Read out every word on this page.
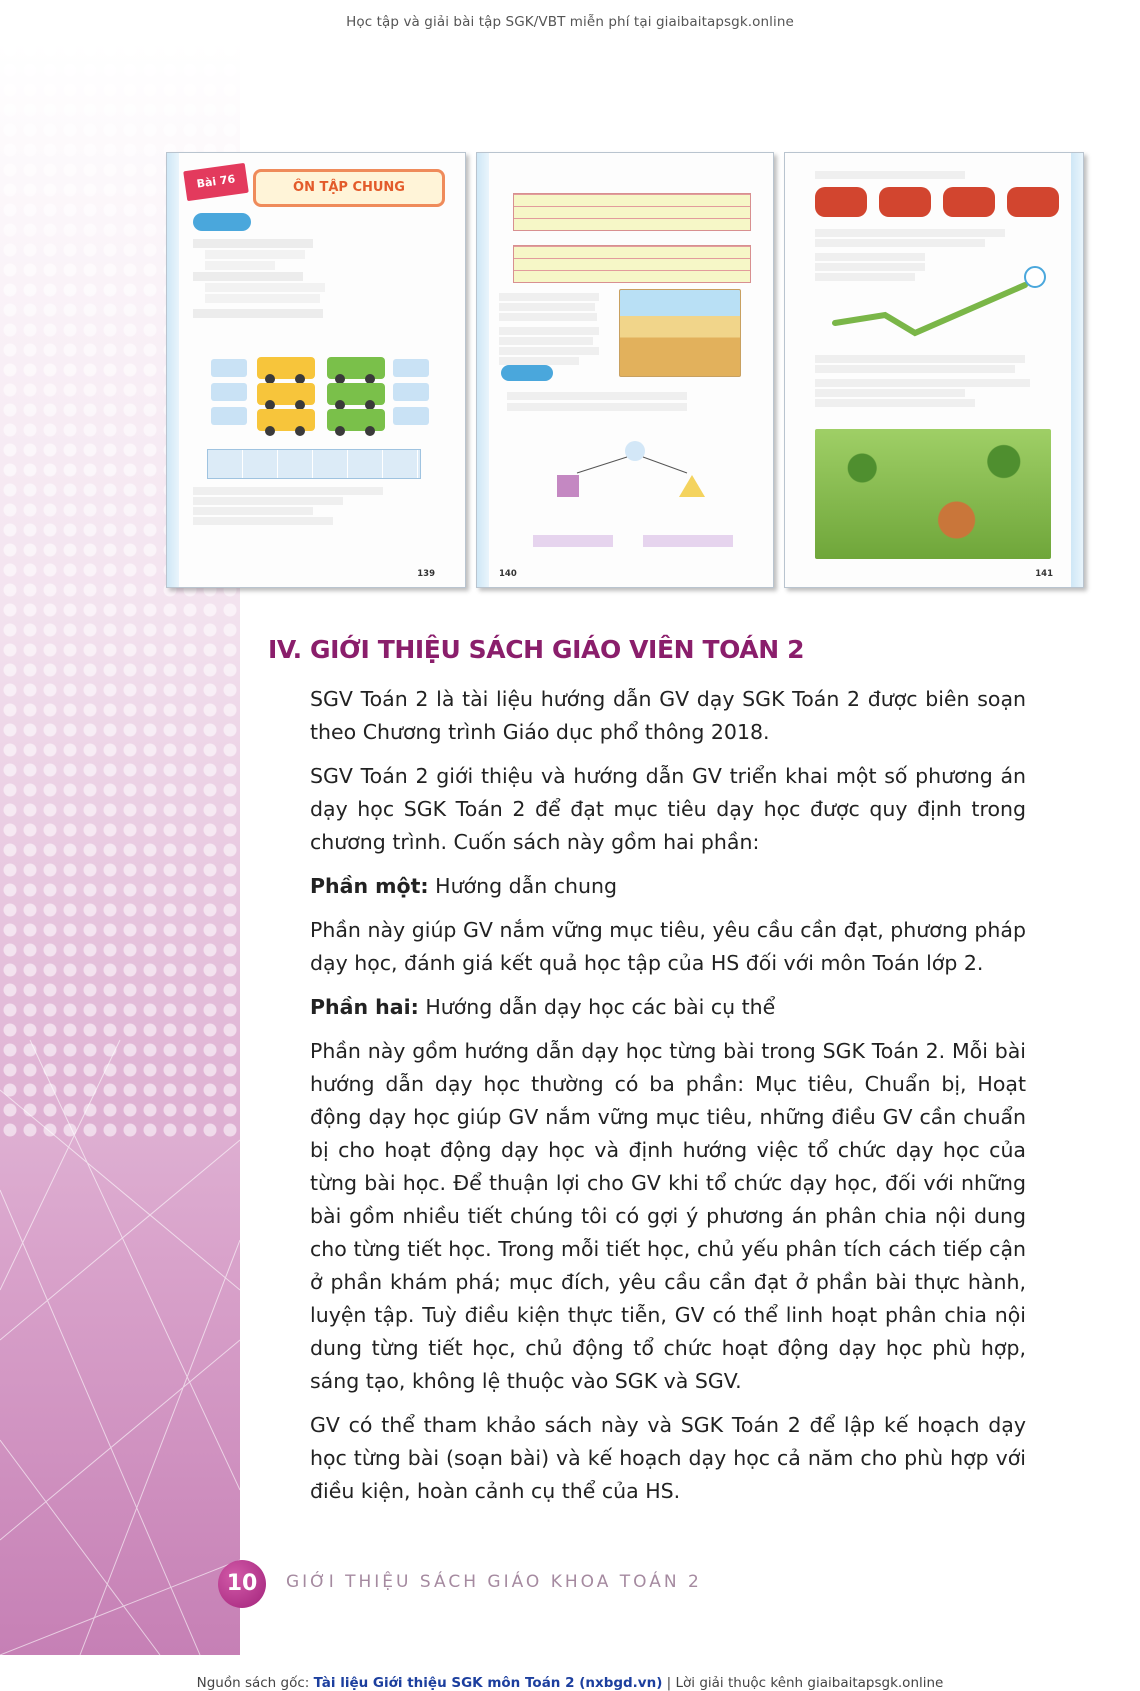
Học tập và giải bài tập SGK/VBT miễn phí tại giaibaitapsgk.online
Bài 76	ÔN TẬP CHUNG
139	140	141
IV. GIỚI THIỆU SÁCH GIÁO VIÊN TOÁN 2

SGV Toán 2 là tài liệu hướng dẫn GV dạy SGK Toán 2 được biên soạn theo Chương trình Giáo dục phổ thông 2018.

SGV Toán 2 giới thiệu và hướng dẫn GV triển khai một số phương án dạy học SGK Toán 2 để đạt mục tiêu dạy học được quy định trong chương trình. Cuốn sách này gồm hai phần:

Phần một: Hướng dẫn chung

Phần này giúp GV nắm vững mục tiêu, yêu cầu cần đạt, phương pháp dạy học, đánh giá kết quả học tập của HS đối với môn Toán lớp 2.

Phần hai: Hướng dẫn dạy học các bài cụ thể

Phần này gồm hướng dẫn dạy học từng bài trong SGK Toán 2. Mỗi bài hướng dẫn dạy học thường có ba phần: Mục tiêu, Chuẩn bị, Hoạt động dạy học giúp GV nắm vững mục tiêu, những điều GV cần chuẩn bị cho hoạt động dạy học và định hướng việc tổ chức dạy học của từng bài học. Để thuận lợi cho GV khi tổ chức dạy học, đối với những bài gồm nhiều tiết chúng tôi có gợi ý phương án phân chia nội dung cho từng tiết học. Trong mỗi tiết học, chủ yếu phân tích cách tiếp cận ở phần khám phá; mục đích, yêu cầu cần đạt ở phần bài thực hành, luyện tập. Tuỳ điều kiện thực tiễn, GV có thể linh hoạt phân chia nội dung từng tiết học, chủ động tổ chức hoạt động dạy học phù hợp, sáng tạo, không lệ thuộc vào SGK và SGV.

GV có thể tham khảo sách này và SGK Toán 2 để lập kế hoạch dạy học từng bài (soạn bài) và kế hoạch dạy học cả năm cho phù hợp với điều kiện, hoàn cảnh cụ thể của HS.

10	GIỚI THIỆU SÁCH GIÁO KHOA TOÁN 2
Nguồn sách gốc: Tài liệu Giới thiệu SGK môn Toán 2 (nxbgd.vn) | Lời giải thuộc kênh giaibaitapsgk.online
